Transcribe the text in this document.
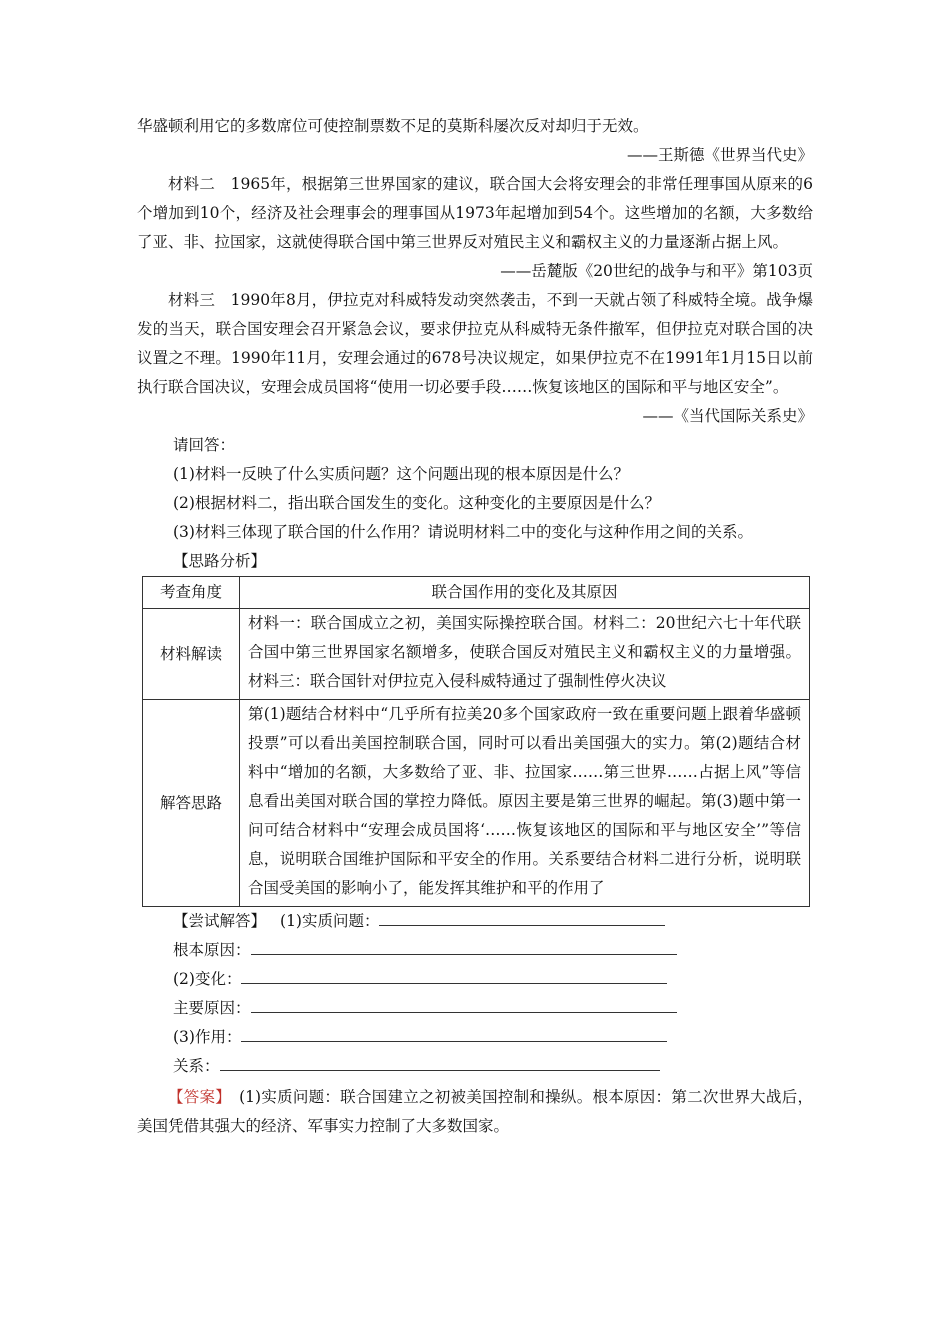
华盛顿利用它的多数席位可使控制票数不足的莫斯科屡次反对却归于无效。

——王斯德《世界当代史》

材料二　1965年，根据第三世界国家的建议，联合国大会将安理会的非常任理事国从原来的6个增加到10个，经济及社会理事会的理事国从1973年起增加到54个。这些增加的名额，大多数给了亚、非、拉国家，这就使得联合国中第三世界反对殖民主义和霸权主义的力量逐渐占据上风。

——岳麓版《20世纪的战争与和平》第103页

材料三　1990年8月，伊拉克对科威特发动突然袭击，不到一天就占领了科威特全境。战争爆发的当天，联合国安理会召开紧急会议，要求伊拉克从科威特无条件撤军，但伊拉克对联合国的决议置之不理。1990年11月，安理会通过的678号决议规定，如果伊拉克不在1991年1月15日以前执行联合国决议，安理会成员国将“使用一切必要手段……恢复该地区的国际和平与地区安全”。

——《当代国际关系史》

请回答：

(1)材料一反映了什么实质问题？这个问题出现的根本原因是什么？

(2)根据材料二，指出联合国发生的变化。这种变化的主要原因是什么？

(3)材料三体现了联合国的什么作用？请说明材料二中的变化与这种作用之间的关系。

【思路分析】

考查角度	联合国作用的变化及其原因
材料解读	材料一：联合国成立之初，美国实际操控联合国。材料二：20世纪六七十年代联合国中第三世界国家名额增多，使联合国反对殖民主义和霸权主义的力量增强。材料三：联合国针对伊拉克入侵科威特通过了强制性停火决议
解答思路	第(1)题结合材料中“几乎所有拉美20多个国家政府一致在重要问题上跟着华盛顿投票”可以看出美国控制联合国，同时可以看出美国强大的实力。第(2)题结合材料中“增加的名额，大多数给了亚、非、拉国家……第三世界……占据上风”等信息看出美国对联合国的掌控力降低。原因主要是第三世界的崛起。第(3)题中第一问可结合材料中“安理会成员国将‘……恢复该地区的国际和平与地区安全’”等信息，说明联合国维护国际和平安全的作用。关系要结合材料二进行分析，说明联合国受美国的影响小了，能发挥其维护和平的作用了

【尝试解答】 (1)实质问题：

根本原因：

(2)变化：

主要原因：

(3)作用：

关系：

【答案】　(1)实质问题：联合国建立之初被美国控制和操纵。根本原因：第二次世界大战后，美国凭借其强大的经济、军事实力控制了大多数国家。
